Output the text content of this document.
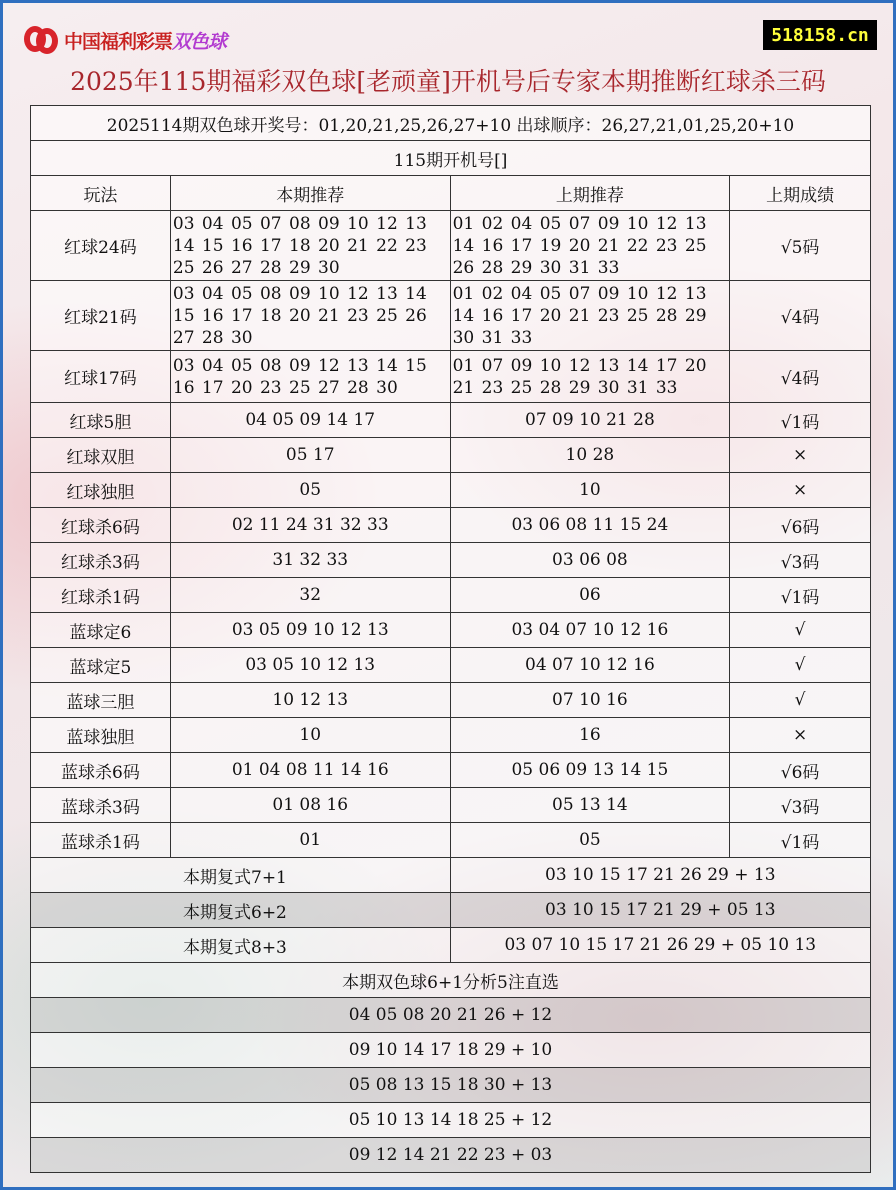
中国福利彩票双色球	518158.cn
2025年115期福彩双色球[老顽童]开机号后专家本期推断红球杀三码
2025114期双色球开奖号：01,20,21,25,26,27+10 出球顺序：26,27,21,01,25,20+10			
115期开机号[]			
玩法	本期推荐	上期推荐	上期成绩
红球24码	03 04 05 07 08 09 10 12 13 14 15 16 17 18 20 21 22 23 25 26 27 28 29 30	01 02 04 05 07 09 10 12 13 14 16 17 19 20 21 22 23 25 26 28 29 30 31 33	√5码
红球21码	03 04 05 08 09 10 12 13 14 15 16 17 18 20 21 23 25 26 27 28 30	01 02 04 05 07 09 10 12 13 14 16 17 20 21 23 25 28 29 30 31 33	√4码
红球17码	03 04 05 08 09 12 13 14 15 16 17 20 23 25 27 28 30	01 07 09 10 12 13 14 17 20 21 23 25 28 29 30 31 33	√4码
红球5胆	04 05 09 14 17	07 09 10 21 28	√1码
红球双胆	05 17	10 28	×
红球独胆	05	10	×
红球杀6码	02 11 24 31 32 33	03 06 08 11 15 24	√6码
红球杀3码	31 32 33	03 06 08	√3码
红球杀1码	32	06	√1码
蓝球定6	03 05 09 10 12 13	03 04 07 10 12 16	√
蓝球定5	03 05 10 12 13	04 07 10 12 16	√
蓝球三胆	10 12 13	07 10 16	√
蓝球独胆	10	16	×
蓝球杀6码	01 04 08 11 14 16	05 06 09 13 14 15	√6码
蓝球杀3码	01 08 16	05 13 14	√3码
蓝球杀1码	01	05	√1码
本期复式7+1		03 10 15 17 21 26 29 + 13	
本期复式6+2		03 10 15 17 21 29 + 05 13	
本期复式8+3		03 07 10 15 17 21 26 29 + 05 10 13	
本期双色球6+1分析5注直选			
04 05 08 20 21 26 + 12			
09 10 14 17 18 29 + 10			
05 08 13 15 18 30 + 13			
05 10 13 14 18 25 + 12			
09 12 14 21 22 23 + 03			
